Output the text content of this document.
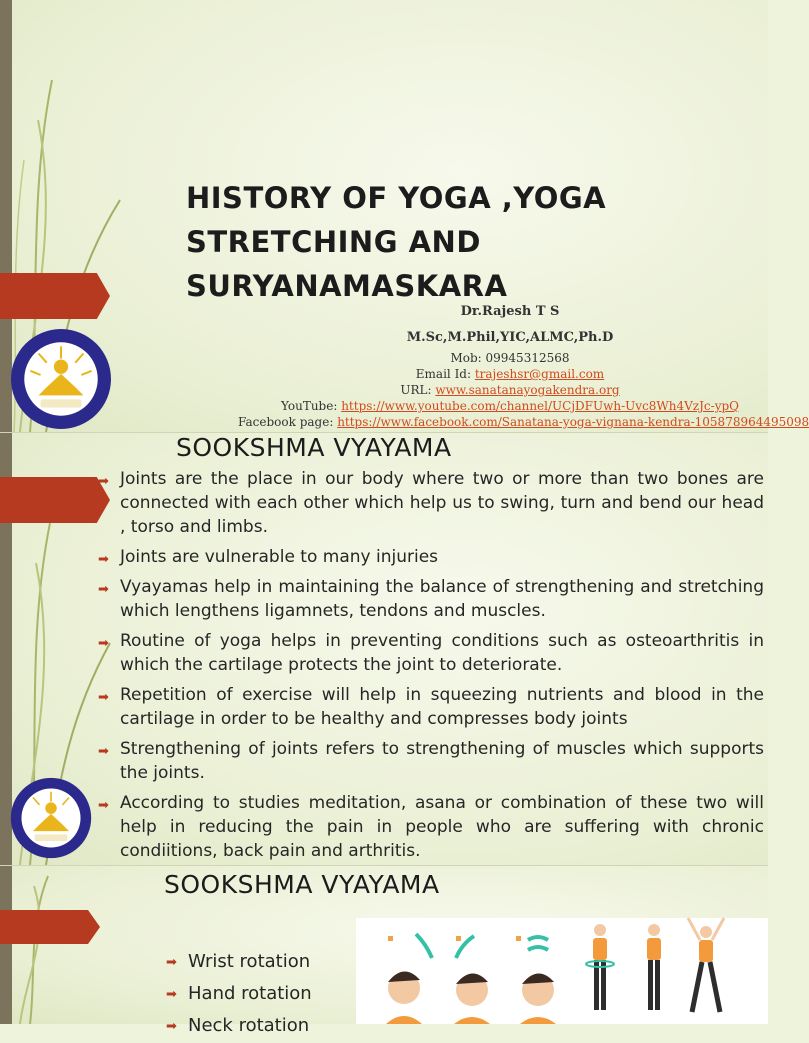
HISTORY OF YOGA ,YOGA
STRETCHING AND
SURYANAMASKARA
Dr.Rajesh T S
M.Sc,M.Phil,YIC,ALMC,Ph.D
Mob: 09945312568
Email Id: trajeshsr@gmail.com
URL: www.sanatanayogakendra.org
YouTube: https://www.youtube.com/channel/UCjDFUwh-Uvc8Wh4VzJc-ypQ
Facebook page: https://www.facebook.com/Sanatana-yoga-vignana-kendra-105878964495098
SOOKSHMA VYAYAMA
➡ Joints are the place in our body where two or more than two bones are connected with each other which help us to swing, turn and bend our head , torso and limbs.
➡ Joints are vulnerable to many injuries
➡ Vyayamas help in maintaining the balance of strengthening and stretching which lengthens ligamnets, tendons and muscles.
➡ Routine of yoga helps in preventing conditions such as osteoarthritis in which the cartilage protects the joint to deteriorate.
➡ Repetition of exercise will help in squeezing nutrients and blood in the cartilage in order to be healthy and compresses body joints
➡ Strengthening of joints refers to strengthening of muscles which supports the joints.
➡ According to studies meditation, asana or combination of these two will help in reducing the pain in people who are suffering with chronic condiitions, back pain and arthritis.
SOOKSHMA VYAYAMA
➡ Wrist rotation
➡ Hand rotation
➡ Neck rotation
